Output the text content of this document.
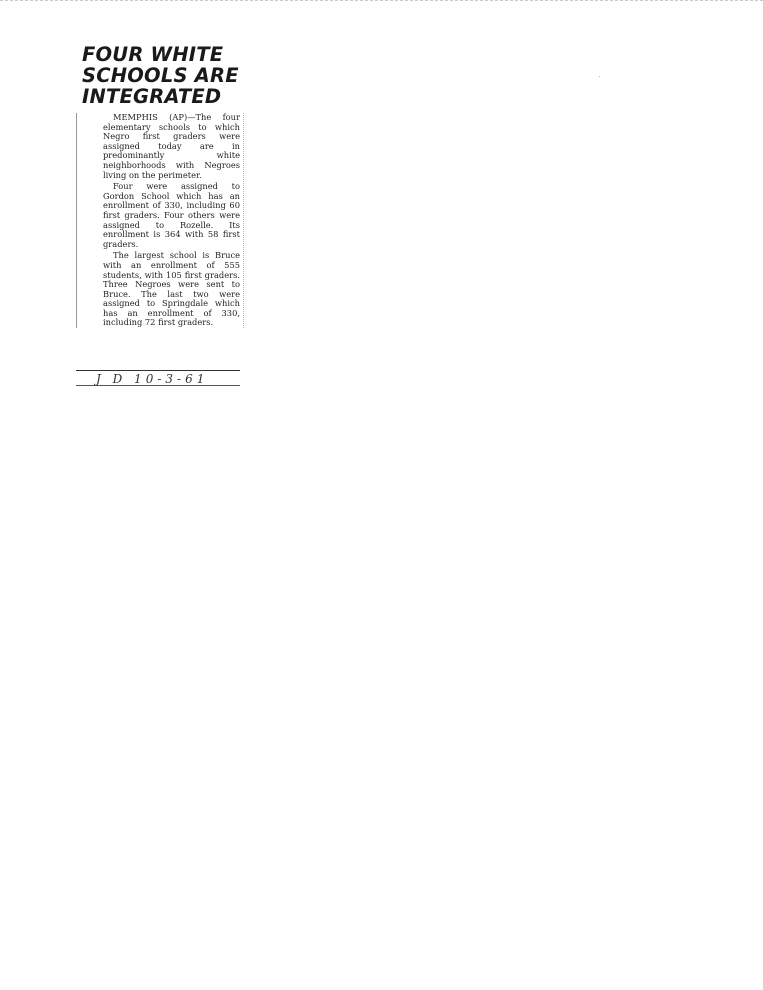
FOUR WHITE
SCHOOLS ARE
INTEGRATED

MEMPHIS (AP)—The four elementary schools to which Negro first graders were assigned today are in predominantly white neighborhoods with Negroes living on the perimeter.

Four were assigned to Gordon School which has an enrollment of 330, including 60 first graders. Four others were assigned to Rozelle. Its enrollment is 364 with 58 first graders.

The largest school is Bruce with an enrollment of 555 students, with 105 first graders. Three Negroes were sent to Bruce. The last two were assigned to Springdale which has an enrollment of 330, including 72 first graders.

J D 10-3-61
